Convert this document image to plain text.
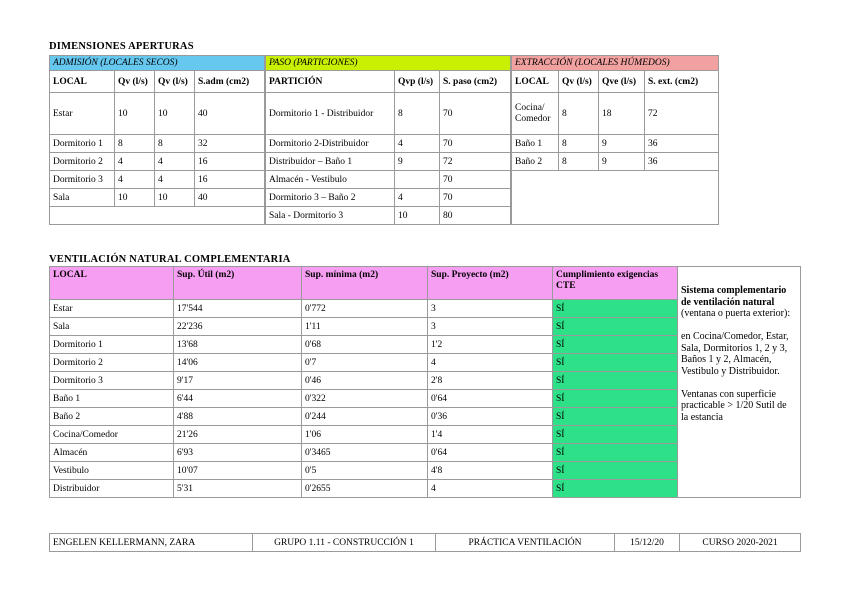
DIMENSIONES APERTURAS
ADMISIÓN (LOCALES SECOS)			
LOCAL	Qv (l/s)	Qv (l/s)	S.adm (cm2)
Estar	10	10	40
Dormitorio 1	8	8	32
Dormitorio 2	4	4	16
Dormitorio 3	4	4	16
Sala	10	10	40

PASO (PARTICIONES)		
PARTICIÓN	Qvp (l/s)	S. paso (cm2)
Dormitorio 1 - Distribuidor	8	70
Dormitorio 2-Distribuidor	4	70
Distribuidor – Baño 1	9	72
Almacén - Vestibulo		70
Dormitorio 3 – Baño 2	4	70
Sala - Dormitorio 3	10	80
EXTRACCIÓN (LOCALES HÚMEDOS)			
LOCAL	Qv (l/s)	Qve (l/s)	S. ext. (cm2)
Cocina/ Comedor	8	18	72
Baño 1	8	9	36
Baño 2	8	9	36

VENTILACIÓN NATURAL COMPLEMENTARIA
LOCAL	Sup. Útil (m2)	Sup. mínima (m2)	Sup. Proyecto (m2)	Cumplimiento exigencias CTE	Sistema complementario de ventilación natural
(ventana o puerta exterior):

en Cocina/Comedor, Estar, Sala, Dormitorios 1, 2 y 3, Baños 1 y 2, Almacén, Vestibulo y Distribuidor.

Ventanas con superficie practicable > 1/20 Sutil de la estancia
Estar	17'544	0'772	3	SÍ	
Sala	22'236	1'11	3	SÍ	
Dormitorio 1	13'68	0'68	1'2	SÍ	
Dormitorio 2	14'06	0'7	4	SÍ	
Dormitorio 3	9'17	0'46	2'8	SÍ	
Baño 1	6'44	0'322	0'64	SÍ	
Baño 2	4'88	0'244	0'36	SÍ	
Cocina/Comedor	21'26	1'06	1'4	SÍ	
Almacén	6'93	0'3465	0'64	SÍ	
Vestibulo	10'07	0'5	4'8	SÍ	
Distribuidor	5'31	0'2655	4	SÍ	
ENGELEN KELLERMANN, ZARA	GRUPO 1.11 - CONSTRUCCIÓN 1	PRÁCTICA VENTILACIÓN	15/12/20	CURSO 2020-2021
